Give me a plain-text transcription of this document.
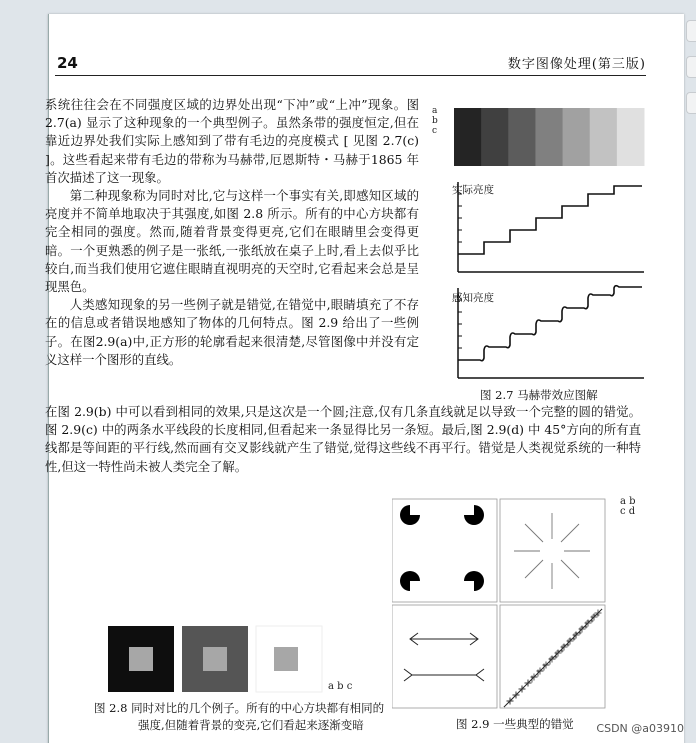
24	数字图像处理(第三版)

系统往往会在不同强度区域的边界处出现“下冲”或“上冲”现象。图 2.7(a) 显示了这种现象的一个典型例子。虽然条带的强度恒定,但在靠近边界处我们实际上感知到了带有毛边的亮度模式 [ 见图 2.7(c) ]。这些看起来带有毛边的带称为马赫带,厄恩斯特・马赫于1865 年首次描述了这一现象。

第二种现象称为同时对比,它与这样一个事实有关,即感知区域的亮度并不简单地取决于其强度,如图 2.8 所示。所有的中心方块都有完全相同的强度。然而,随着背景变得更亮,它们在眼睛里会变得更暗。一个更熟悉的例子是一张纸,一张纸放在桌子上时,看上去似乎比较白,而当我们使用它遮住眼睛直视明亮的天空时,它看起来会总是呈现黑色。

人类感知现象的另一些例子就是错觉,在错觉中,眼睛填充了不存在的信息或者错误地感知了物体的几何特点。图 2.9 给出了一些例子。在图2.9(a)中,正方形的轮廓看起来很清楚,尽管图像中并没有定义这样一个图形的直线。

在图 2.9(b) 中可以看到相同的效果,只是这次是一个圆;注意,仅有几条直线就足以导致一个完整的圆的错觉。图 2.9(c) 中的两条水平线段的长度相同,但看起来一条显得比另一条短。最后,图 2.9(d) 中 45°方向的所有直线都是等间距的平行线,然而画有交叉影线就产生了错觉,觉得这些线不再平行。错觉是人类视觉系统的一种特性,但这一特性尚未被人类完全了解。

a
b
c
实际亮度
感知亮度
图 2.7 马赫带效应图解
a b c
图 2.8 同时对比的几个例子。所有的中心方块都有相同的
强度,但随着背景的变亮,它们看起来逐渐变暗
a b
c d
图 2.9 一些典型的错觉 CSDN @a03910
